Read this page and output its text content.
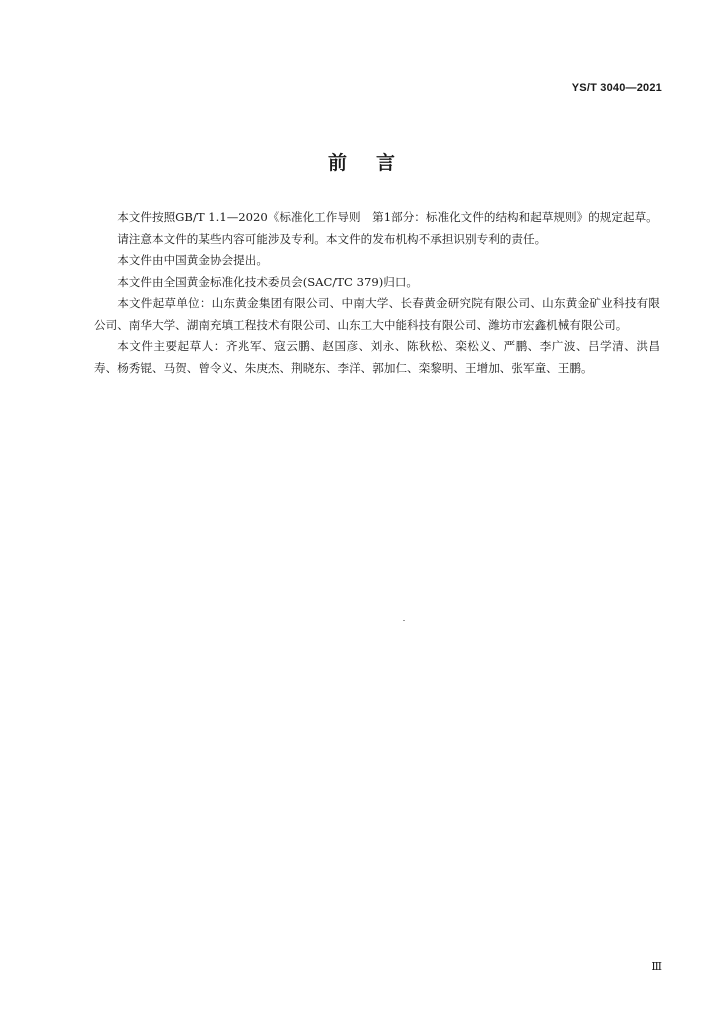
YS/T 3040—2021
前 言

本文件按照GB/T 1.1—2020《标准化工作导则　第1部分：标准化文件的结构和起草规则》的规定起草。

请注意本文件的某些内容可能涉及专利。本文件的发布机构不承担识别专利的责任。

本文件由中国黄金协会提出。

本文件由全国黄金标准化技术委员会(SAC/TC 379)归口。

本文件起草单位：山东黄金集团有限公司、中南大学、长春黄金研究院有限公司、山东黄金矿业科技有限公司、南华大学、湖南充填工程技术有限公司、山东工大中能科技有限公司、潍坊市宏鑫机械有限公司。

本文件主要起草人：齐兆军、寇云鹏、赵国彦、刘永、陈秋松、栾松义、严鹏、李广波、吕学清、洪昌寿、杨秀锟、马贺、曾令义、朱庚杰、荆晓东、李洋、郭加仁、栾黎明、王增加、张军童、王鹏。

Ⅲ
